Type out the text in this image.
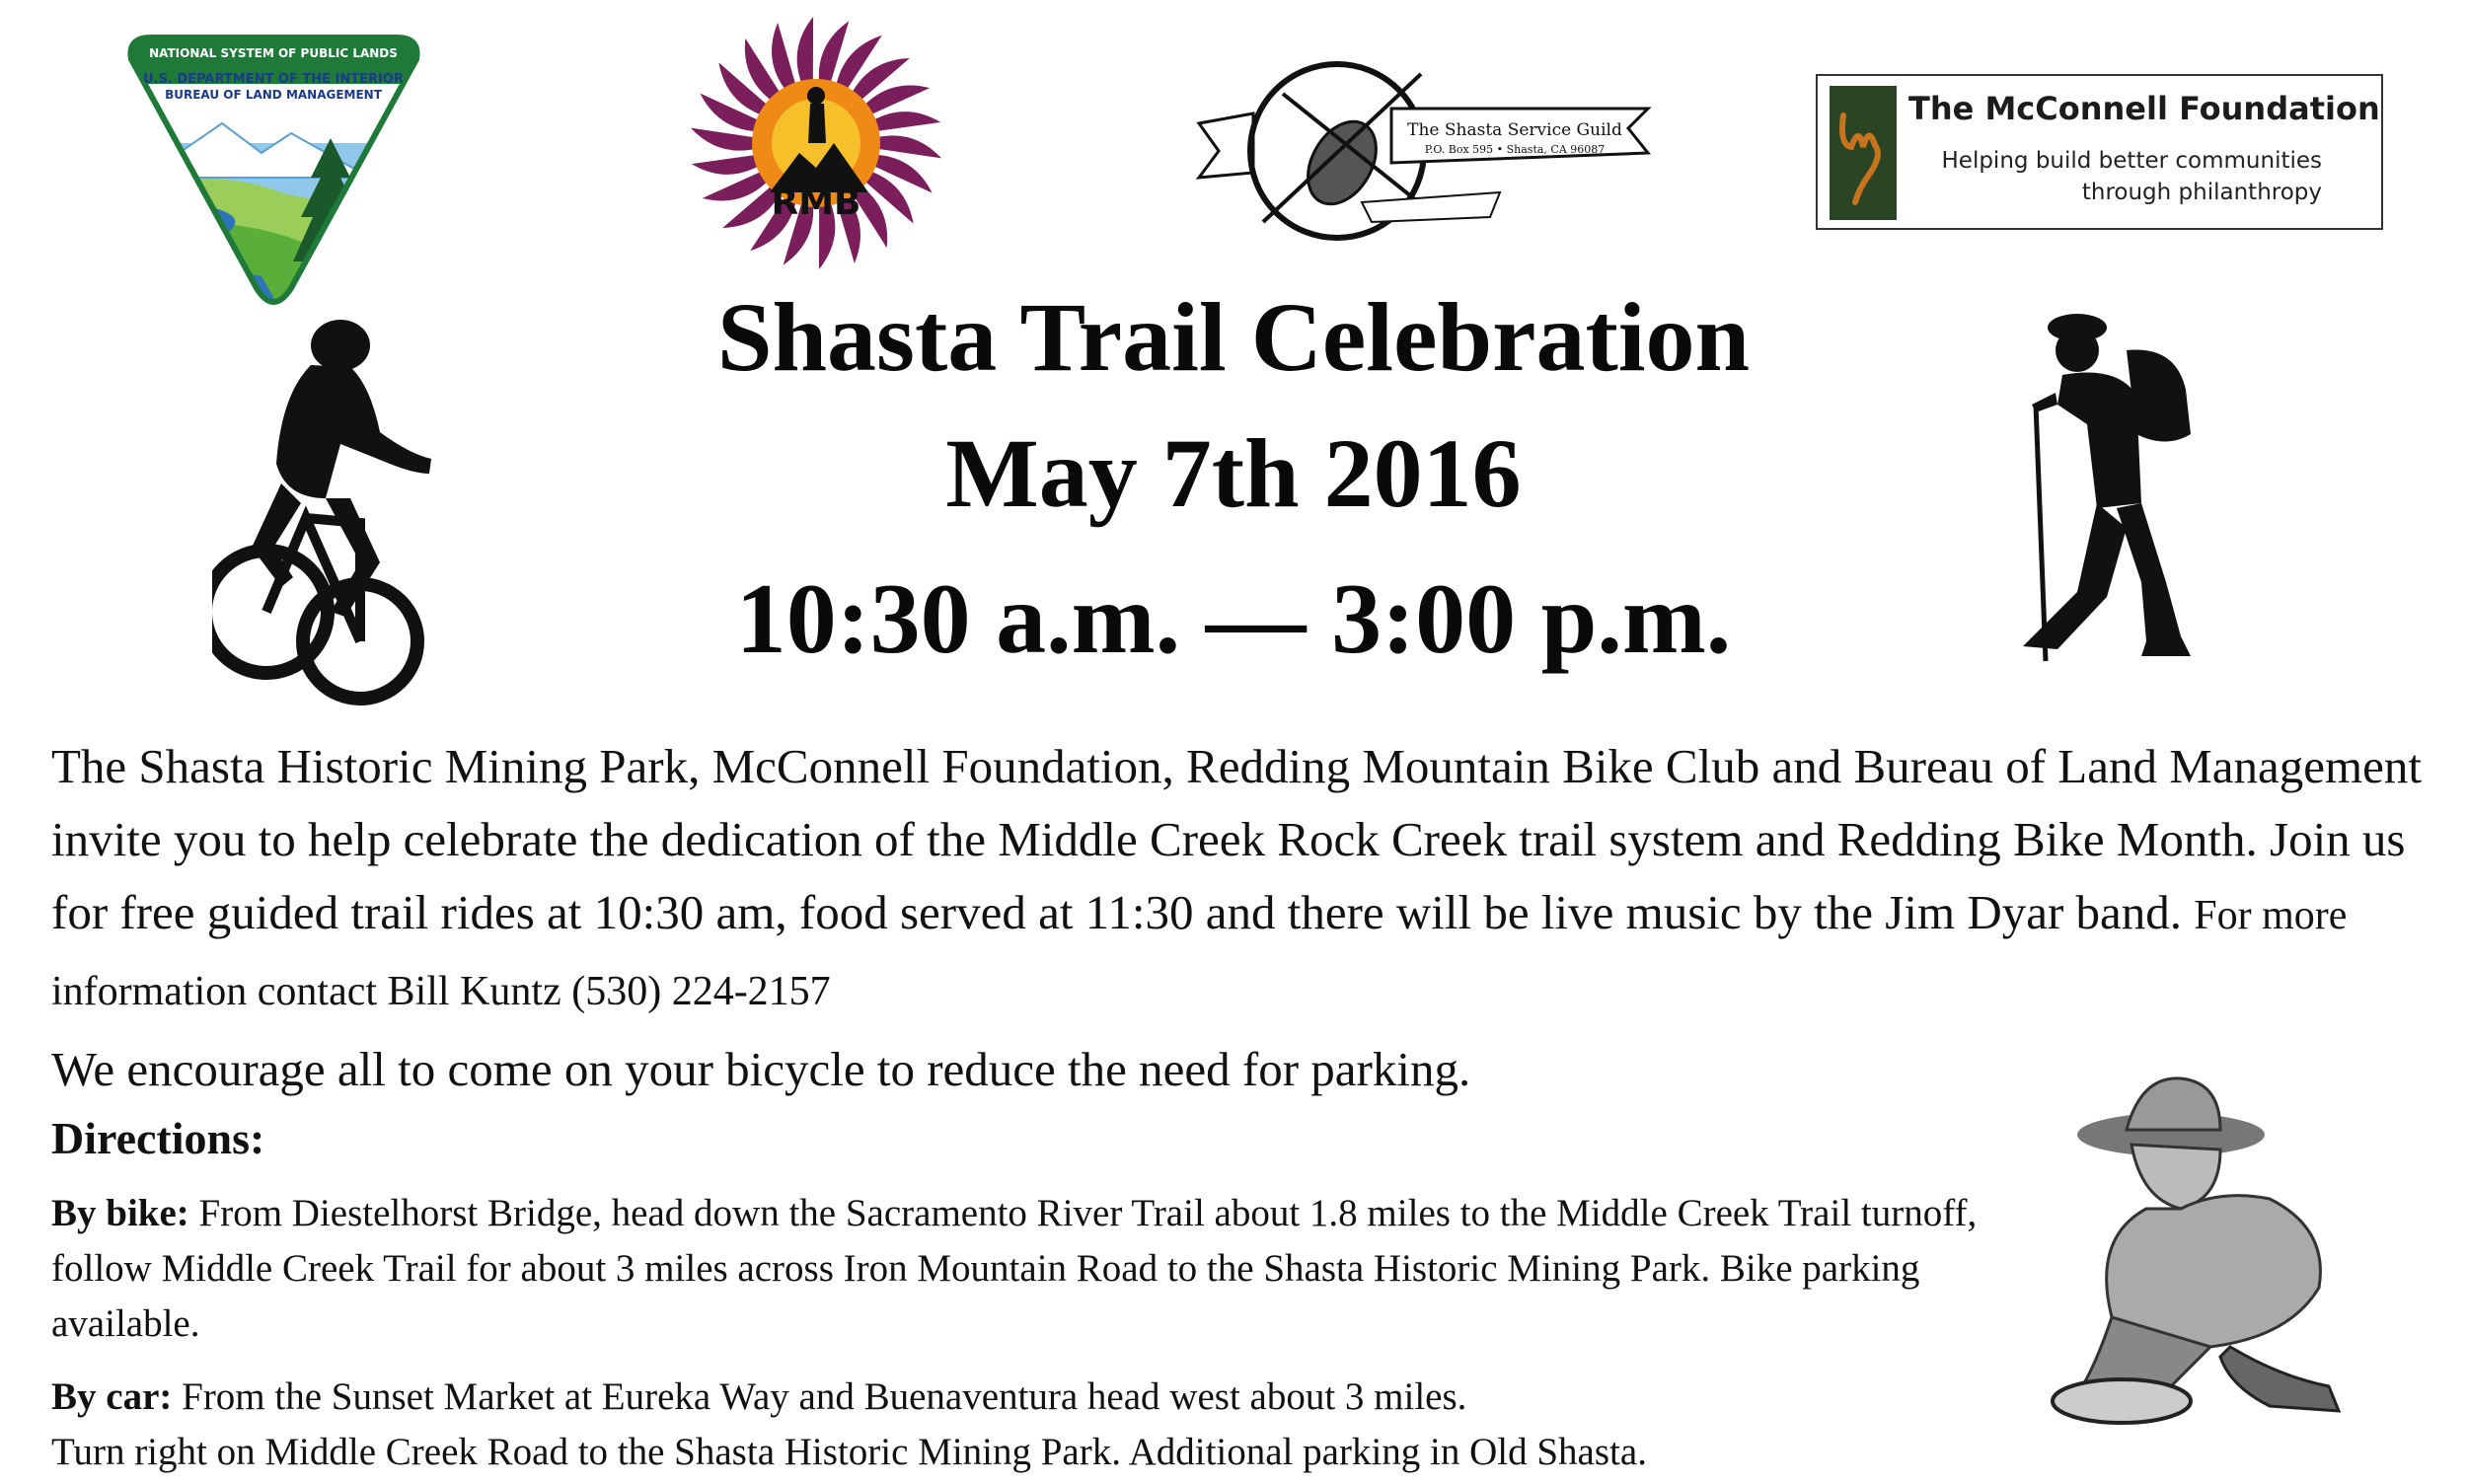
NATIONAL SYSTEM OF PUBLIC LANDS
U.S. DEPARTMENT OF THE INTERIOR
BUREAU OF LAND MANAGEMENT
RMB
The Shasta Service Guild
P.O. Box 595 • Shasta, CA 96087
The McConnell Foundation
Helping build better communities
through philanthropy
Shasta Trail Celebration
May 7th 2016
10:30 a.m. — 3:00 p.m.
The Shasta Historic Mining Park, McConnell Foundation, Redding Mountain Bike Club and Bureau of Land Management invite you to help celebrate the dedication of the Middle Creek Rock Creek trail system and Redding Bike Month. Join us for free guided trail rides at 10:30 am, food served at 11:30 and there will be live music by the Jim Dyar band. For more information contact Bill Kuntz (530) 224-2157
We encourage all to come on your bicycle to reduce the need for parking.
Directions:
By bike: From Diestelhorst Bridge, head down the Sacramento River Trail about 1.8 miles to the Middle Creek Trail turnoff, follow Middle Creek Trail for about 3 miles across Iron Mountain Road to the Shasta Historic Mining Park. Bike parking available.
By car: From the Sunset Market at Eureka Way and Buenaventura head west about 3 miles.
Turn right on Middle Creek Road to the Shasta Historic Mining Park. Additional parking in Old Shasta.
